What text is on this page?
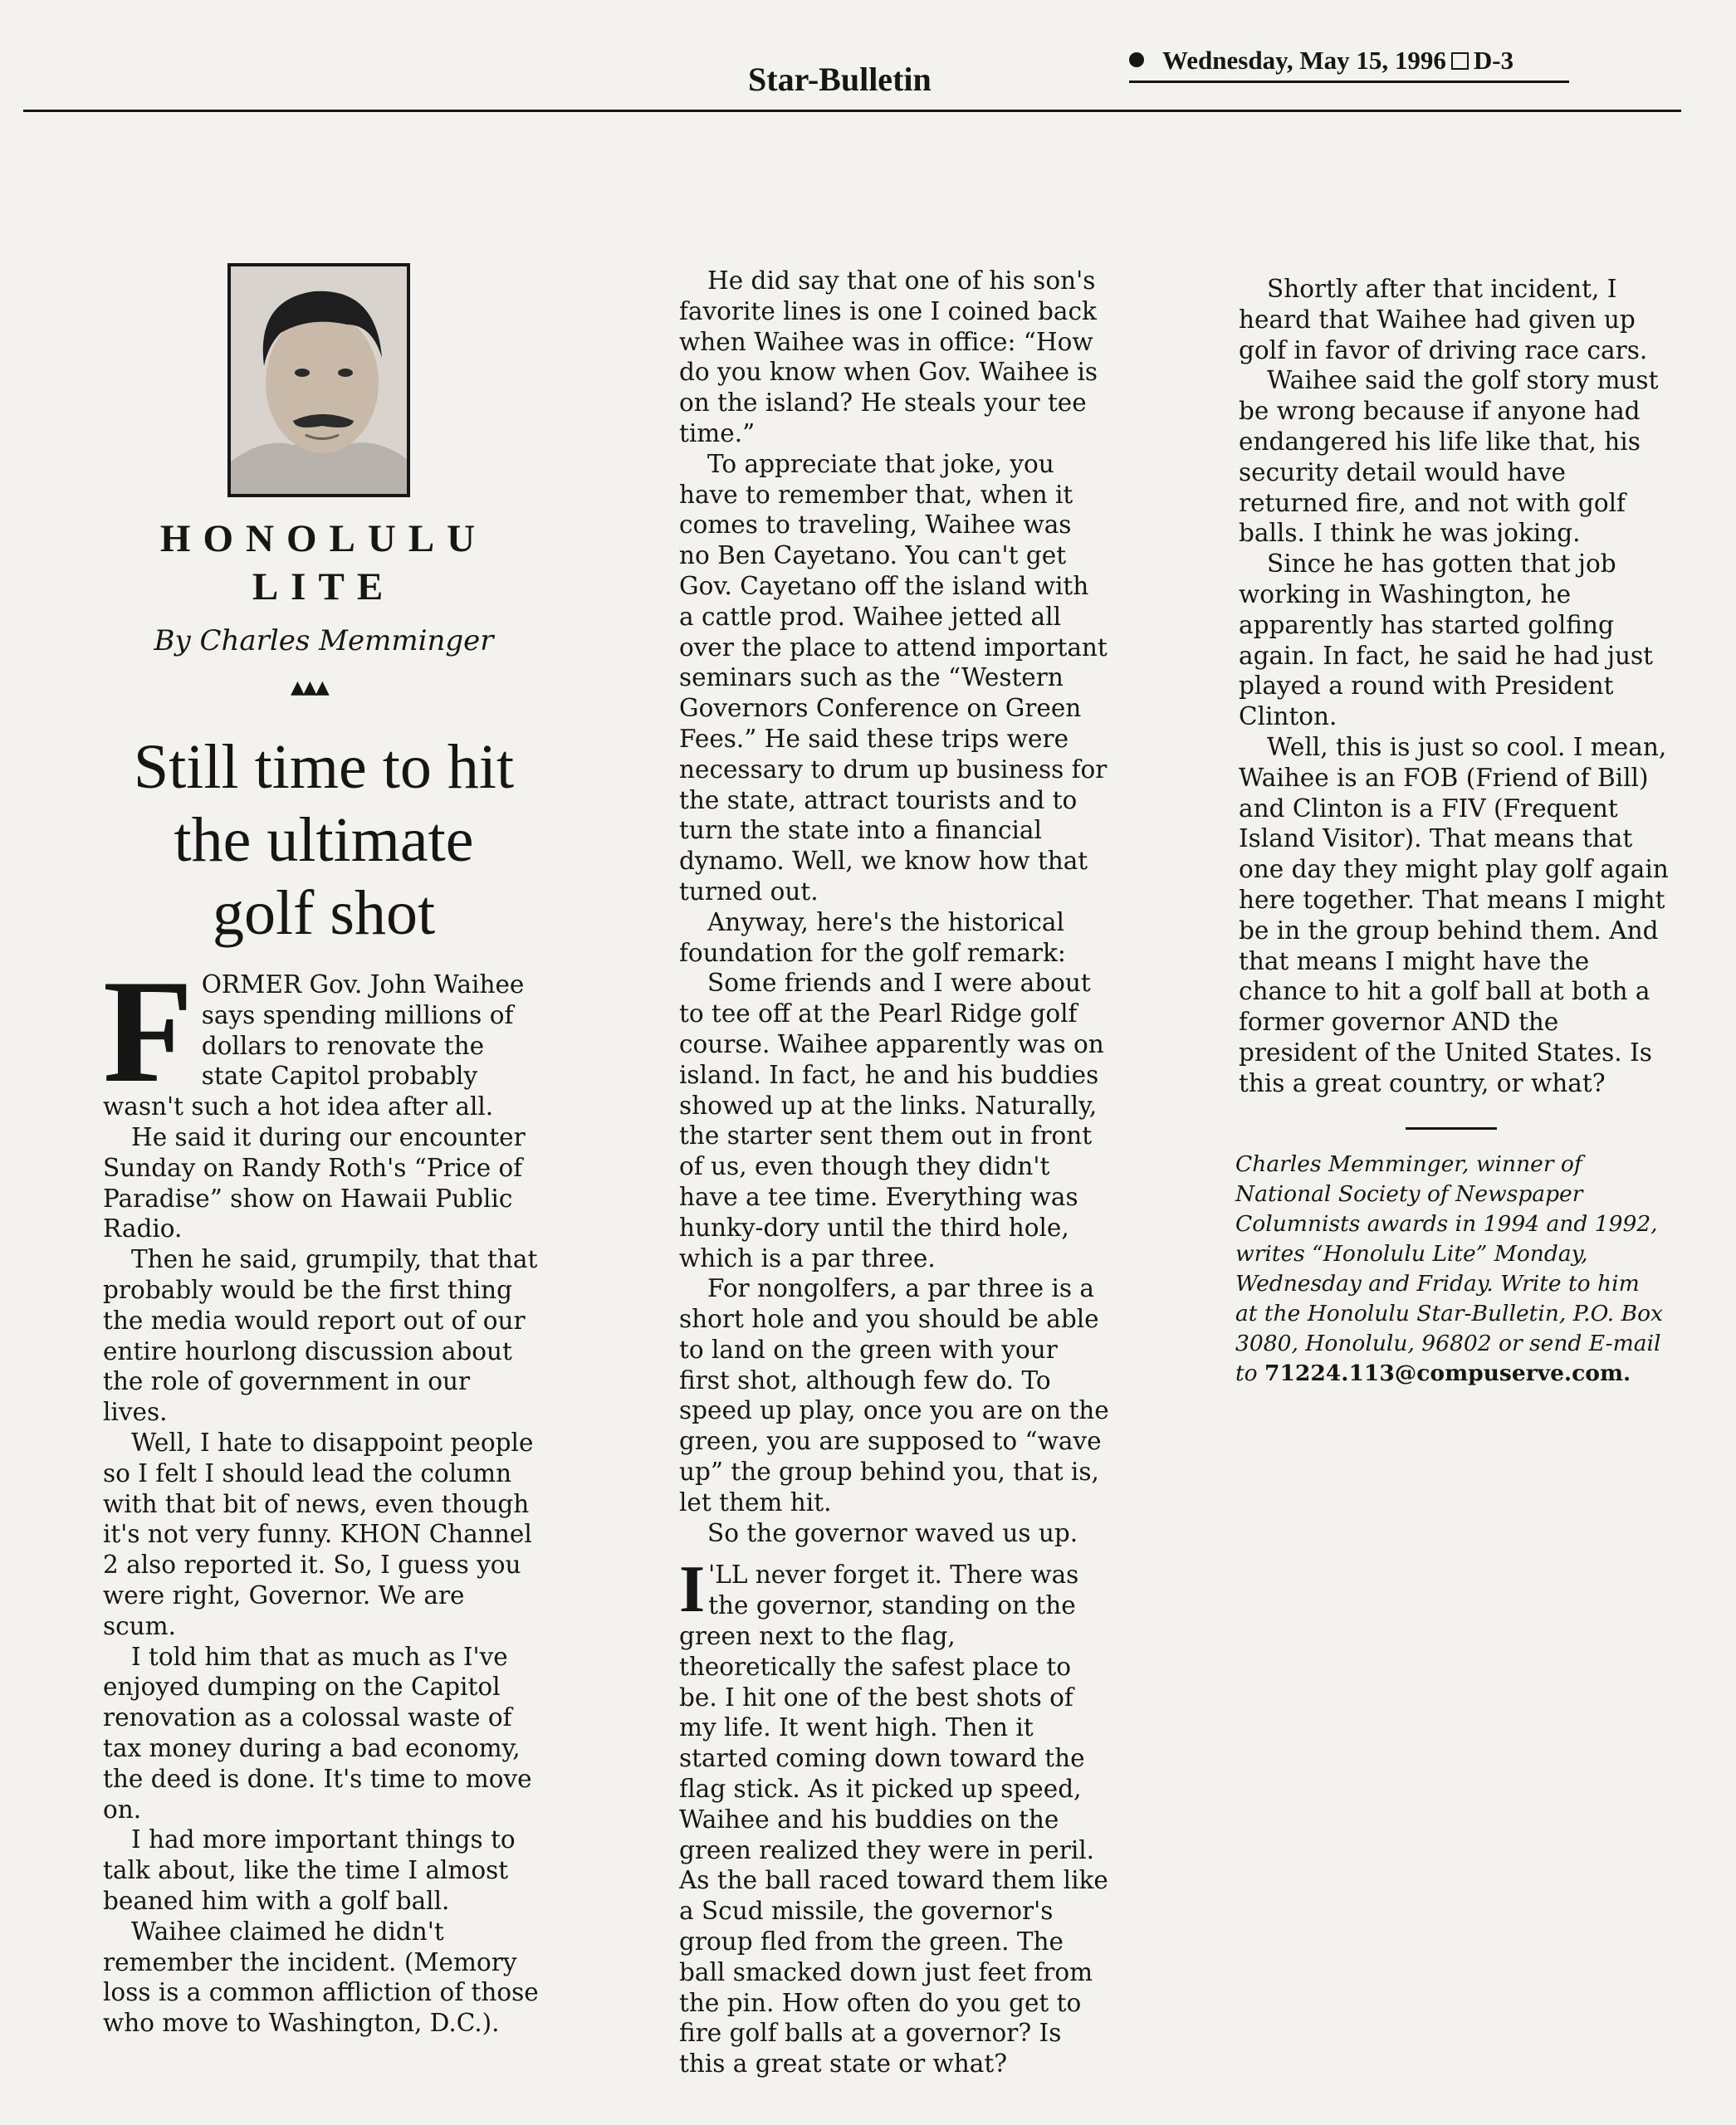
Star-Bulletin
Wednesday, May 15, 1996 D-3
HONOLULU
LITE
By Charles Memminger
▲▲▲
Still time to hit
the ultimate
golf shot

FORMER Gov. John Waihee says spending millions of dollars to renovate the state Capitol probably wasn't such a hot idea after all.

He said it during our encounter Sunday on Randy Roth's “Price of Paradise” show on Hawaii Public Radio.

Then he said, grumpily, that that probably would be the first thing the media would report out of our entire hourlong discussion about the role of government in our lives.

Well, I hate to disappoint people so I felt I should lead the column with that bit of news, even though it's not very funny. KHON Channel 2 also reported it. So, I guess you were right, Governor. We are scum.

I told him that as much as I've enjoyed dumping on the Capitol renovation as a colossal waste of tax money during a bad economy, the deed is done. It's time to move on.

I had more important things to talk about, like the time I almost beaned him with a golf ball.

Waihee claimed he didn't remember the incident. (Memory loss is a common affliction of those who move to Washington, D.C.).

He did say that one of his son's favorite lines is one I coined back when Waihee was in office: “How do you know when Gov. Waihee is on the island? He steals your tee time.”

To appreciate that joke, you have to remember that, when it comes to traveling, Waihee was no Ben Cayetano. You can't get Gov. Cayetano off the island with a cattle prod. Waihee jetted all over the place to attend important seminars such as the “Western Governors Conference on Green Fees.” He said these trips were necessary to drum up business for the state, attract tourists and to turn the state into a financial dynamo. Well, we know how that turned out.

Anyway, here's the historical foundation for the golf remark:

Some friends and I were about to tee off at the Pearl Ridge golf course. Waihee apparently was on island. In fact, he and his buddies showed up at the links. Naturally, the starter sent them out in front of us, even though they didn't have a tee time. Everything was hunky-dory until the third hole, which is a par three.

For nongolfers, a par three is a short hole and you should be able to land on the green with your first shot, although few do. To speed up play, once you are on the green, you are supposed to “wave up” the group behind you, that is, let them hit.

So the governor waved us up.

I 'LL never forget it. There was the governor, standing on the green next to the flag, theoretically the safest place to be. I hit one of the best shots of my life. It went high. Then it started coming down toward the flag stick. As it picked up speed, Waihee and his buddies on the green realized they were in peril. As the ball raced toward them like a Scud missile, the governor's group fled from the green. The ball smacked down just feet from the pin. How often do you get to fire golf balls at a governor? Is this a great state or what?

Shortly after that incident, I heard that Waihee had given up golf in favor of driving race cars.

Waihee said the golf story must be wrong because if anyone had endangered his life like that, his security detail would have returned fire, and not with golf balls. I think he was joking.

Since he has gotten that job working in Washington, he apparently has started golfing again. In fact, he said he had just played a round with President Clinton.

Well, this is just so cool. I mean, Waihee is an FOB (Friend of Bill) and Clinton is a FIV (Frequent Island Visitor). That means that one day they might play golf again here together. That means I might be in the group behind them. And that means I might have the chance to hit a golf ball at both a former governor AND the president of the United States. Is this a great country, or what?

Charles Memminger, winner of National Society of Newspaper Columnists awards in 1994 and 1992, writes “Honolulu Lite” Monday, Wednesday and Friday. Write to him at the Honolulu Star-Bulletin, P.O. Box 3080, Honolulu, 96802 or send E-mail to 71224.113@compuserve.com.
